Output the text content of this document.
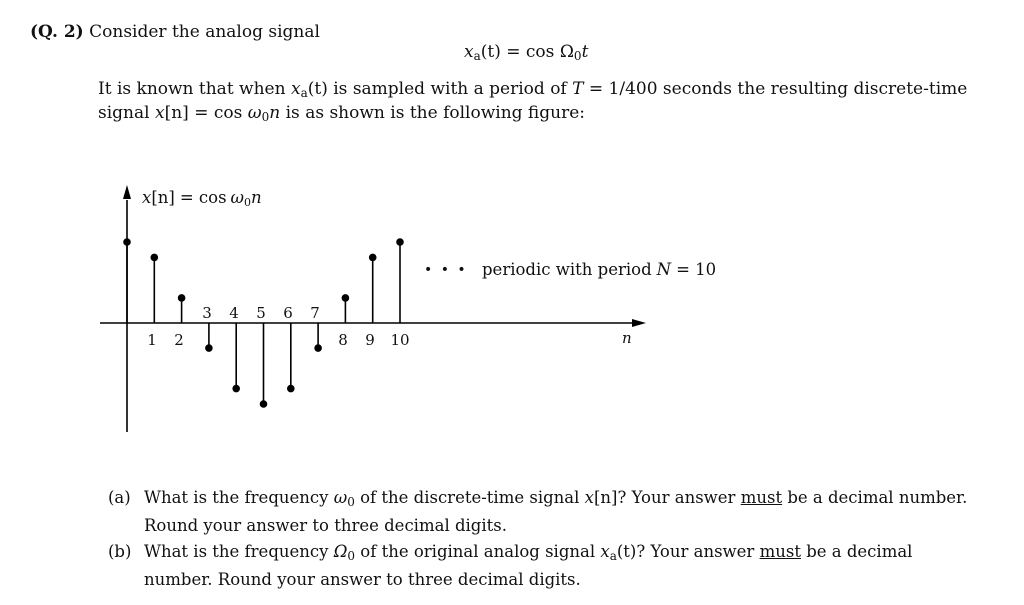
(Q. 2) Consider the analog signal
$x_a(t) = \cos \Omega_0t$
It is known that when $x_a(t)$ is sampled with a period of T = 1/400 seconds the resulting discrete-time
signal $x[n] = \cos \omega_0n$ is as shown is the following figure:
3 4 5 6 7
1 2	8 9 10	n
x[n] = cos ω0n
• • • periodic with period N = 10
(a) What is the frequency $\omega_0$ of the discrete-time signal x[n]? Your answer must be a decimal number.
Round your answer to three decimal digits.
(b) What is the frequency $\Omega_0$ of the original analog signal $x_a(t)$? Your answer must be a decimal
number. Round your answer to three decimal digits.
